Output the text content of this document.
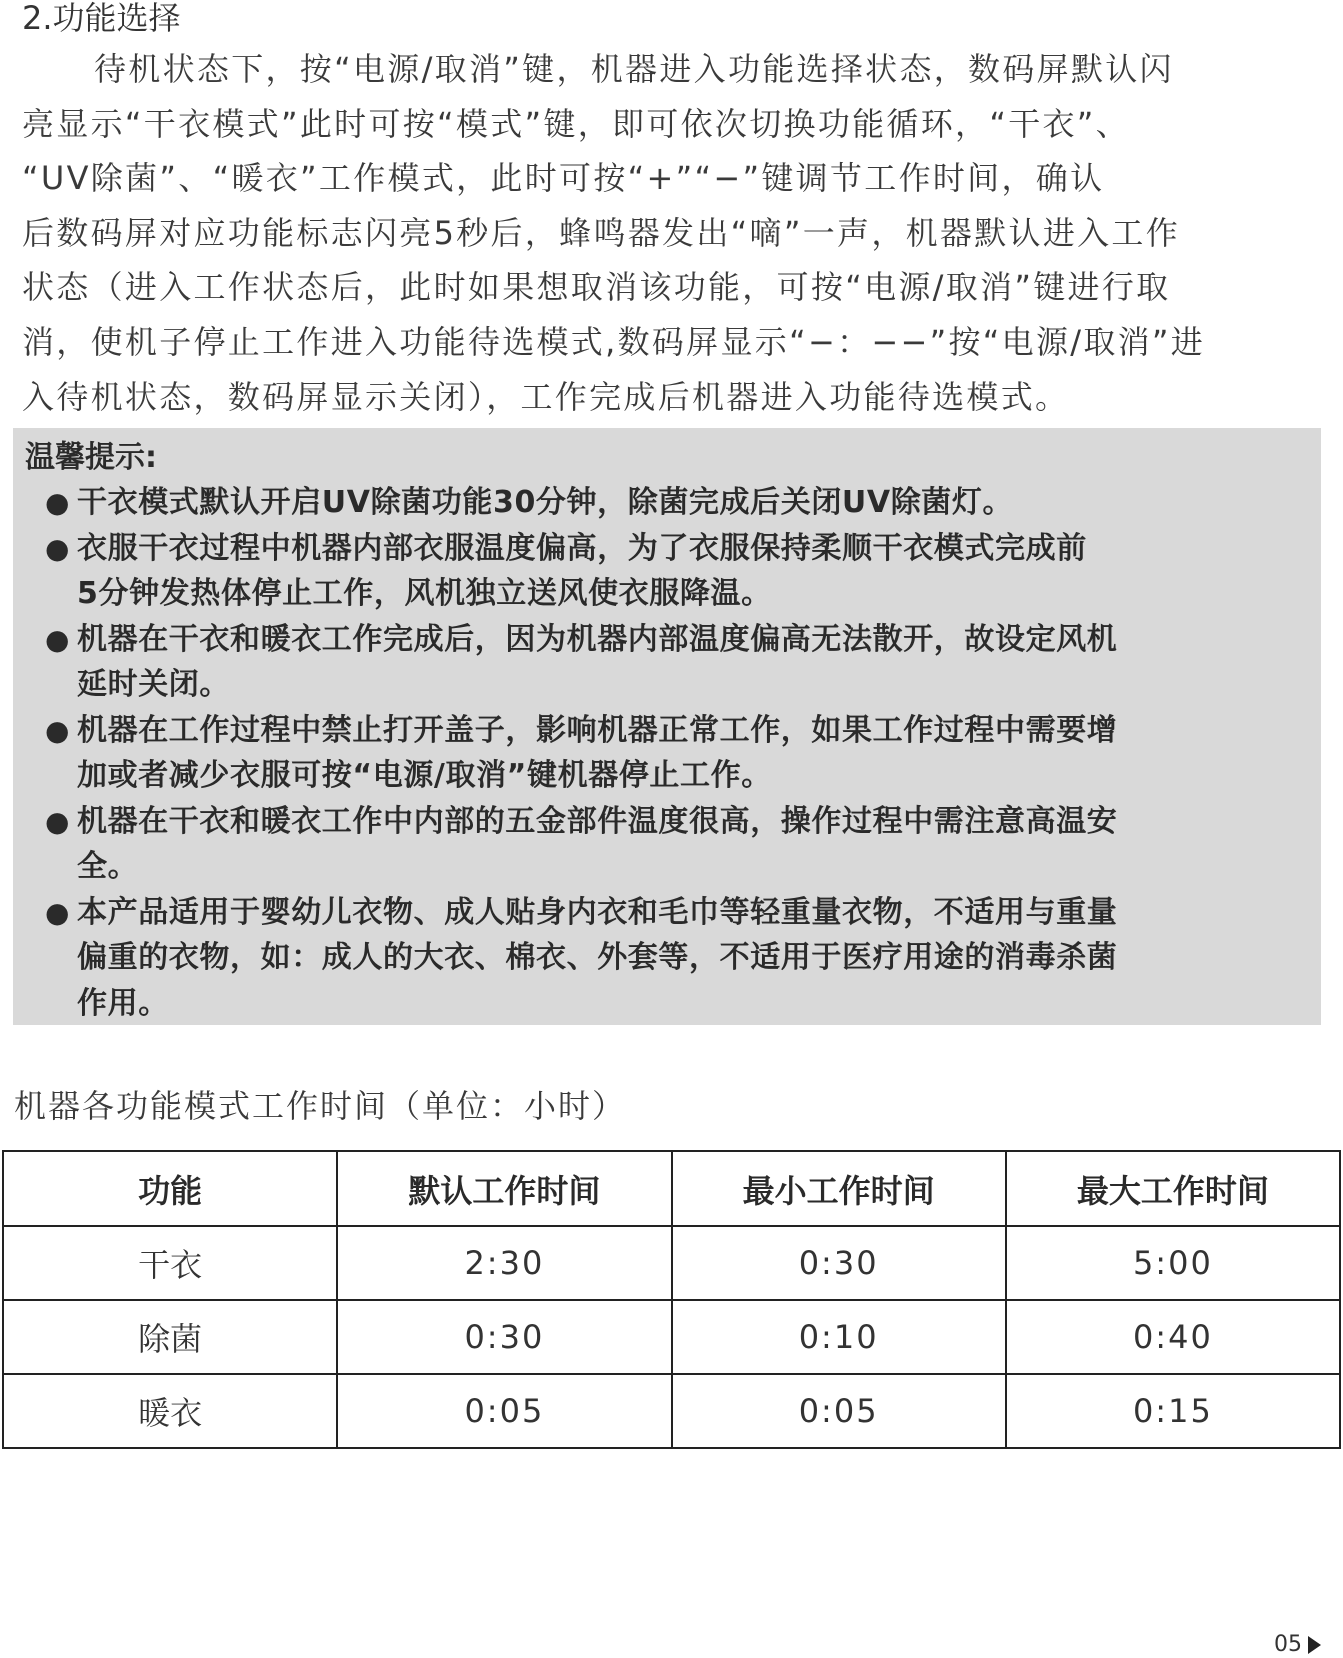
2.功能选择
待机状态下，按“电源/取消”键，机器进入功能选择状态，数码屏默认闪
亮显示“干衣模式”此时可按“模式”键，即可依次切换功能循环，“干衣”、
“UV除菌”、“暖衣”工作模式，此时可按“+”“−”键调节工作时间，确认
后数码屏对应功能标志闪亮5秒后，蜂鸣器发出“嘀”一声，机器默认进入工作
状态（进入工作状态后，此时如果想取消该功能，可按“电源/取消”键进行取
消，使机子停止工作进入功能待选模式,数码屏显示“−：−−”按“电源/取消”进
入待机状态，数码屏显示关闭），工作完成后机器进入功能待选模式。
温馨提示:
● 干衣模式默认开启UV除菌功能30分钟，除菌完成后关闭UV除菌灯。
● 衣服干衣过程中机器内部衣服温度偏高，为了衣服保持柔顺干衣模式完成前
5分钟发热体停止工作，风机独立送风使衣服降温。
● 机器在干衣和暖衣工作完成后，因为机器内部温度偏高无法散开，故设定风机
延时关闭。
● 机器在工作过程中禁止打开盖子，影响机器正常工作，如果工作过程中需要增
加或者减少衣服可按“电源/取消”键机器停止工作。
● 机器在干衣和暖衣工作中内部的五金部件温度很高，操作过程中需注意高温安
全。
● 本产品适用于婴幼儿衣物、成人贴身内衣和毛巾等轻重量衣物，不适用与重量
偏重的衣物，如：成人的大衣、棉衣、外套等，不适用于医疗用途的消毒杀菌
作用。
机器各功能模式工作时间（单位：小时）
功能	默认工作时间	最小工作时间	最大工作时间
干衣	2:30	0:30	5:00
除菌	0:30	0:10	0:40
暖衣	0:05	0:05	0:15
05
